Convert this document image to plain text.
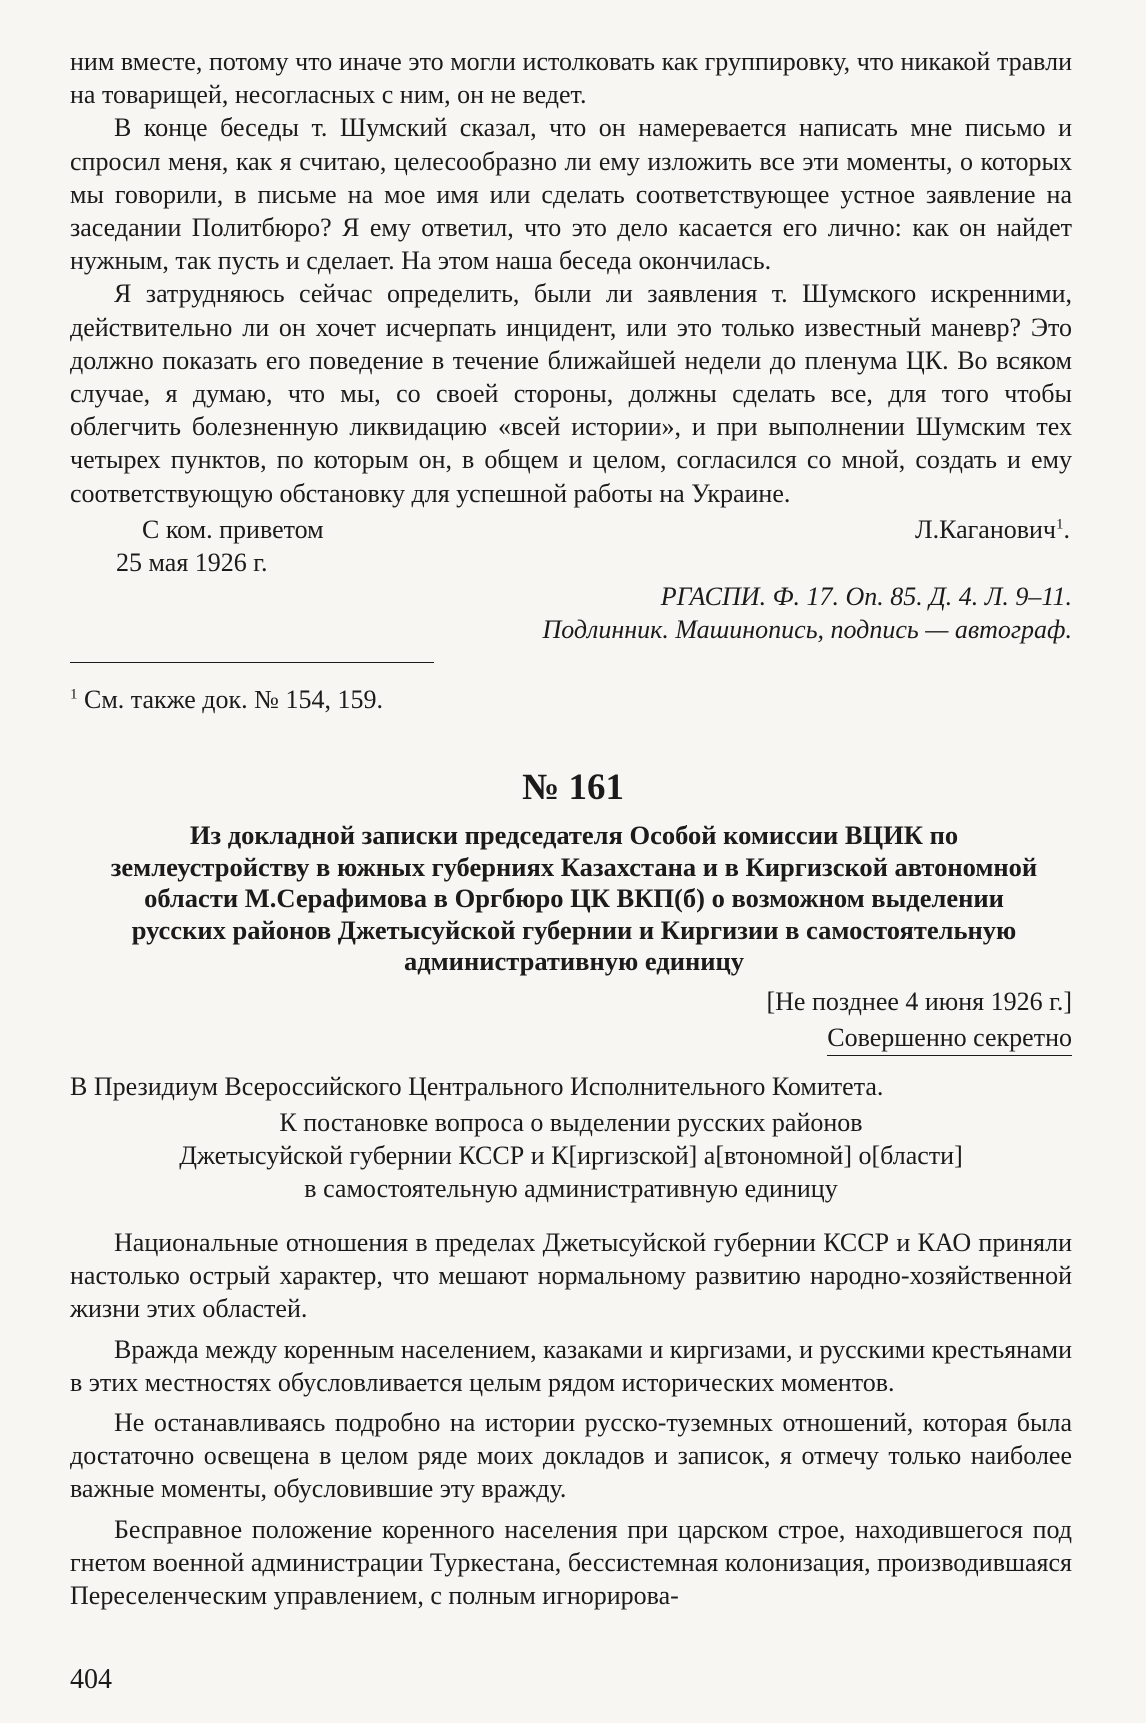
ним вместе, потому что иначе это могли истолковать как группировку, что никакой травли на товарищей, несогласных с ним, он не ведет.

В конце беседы т. Шумский сказал, что он намеревается написать мне письмо и спросил меня, как я считаю, целесообразно ли ему изложить все эти моменты, о которых мы говорили, в письме на мое имя или сделать соответствующее устное заявление на заседании Политбюро? Я ему ответил, что это дело касается его лично: как он найдет нужным, так пусть и сделает. На этом наша беседа окончилась.

Я затрудняюсь сейчас определить, были ли заявления т. Шумского искренними, действительно ли он хочет исчерпать инцидент, или это только известный маневр? Это должно показать его поведение в течение ближайшей недели до пленума ЦК. Во всяком случае, я думаю, что мы, со своей стороны, должны сделать все, для того чтобы облегчить болезненную ликвидацию «всей истории», и при выполнении Шумским тех четырех пунктов, по которым он, в общем и целом, согласился со мной, создать и ему соответствующую обстановку для успешной работы на Украине.

С ком. приветом	Л.Каганович$^1$.
25 мая 1926 г.
РГАСПИ. Ф. 17. Оп. 85. Д. 4. Л. 9–11.
Подлинник. Машинопись, подпись — автограф.
$^1$ См. также док. № 154, 159.
№ 161
Из докладной записки председателя Особой комиссии ВЦИК по землеустройству в южных губерниях Казахстана и в Киргизской автономной области М.Серафимова в Оргбюро ЦК ВКП(б) о возможном выделении русских районов Джетысуйской губернии и Киргизии в самостоятельную административную единицу
[Не позднее 4 июня 1926 г.]
Совершенно секретно
В Президиум Всероссийского Центрального Исполнительного Комитета.
К постановке вопроса о выделении русских районов
Джетысуйской губернии КССР и К[иргизской] а[втономной] о[бласти]
в самостоятельную административную единицу

Национальные отношения в пределах Джетысуйской губернии КССР и КАО приняли настолько острый характер, что мешают нормальному развитию народно-хозяйственной жизни этих областей.

Вражда между коренным населением, казаками и киргизами, и русскими крестьянами в этих местностях обусловливается целым рядом исторических моментов.

Не останавливаясь подробно на истории русско-туземных отношений, которая была достаточно освещена в целом ряде моих докладов и записок, я отмечу только наиболее важные моменты, обусловившие эту вражду.

Бесправное положение коренного населения при царском строе, находившегося под гнетом военной администрации Туркестана, бессистемная колонизация, производившаяся Переселенческим управлением, с полным игнорирова-

404
